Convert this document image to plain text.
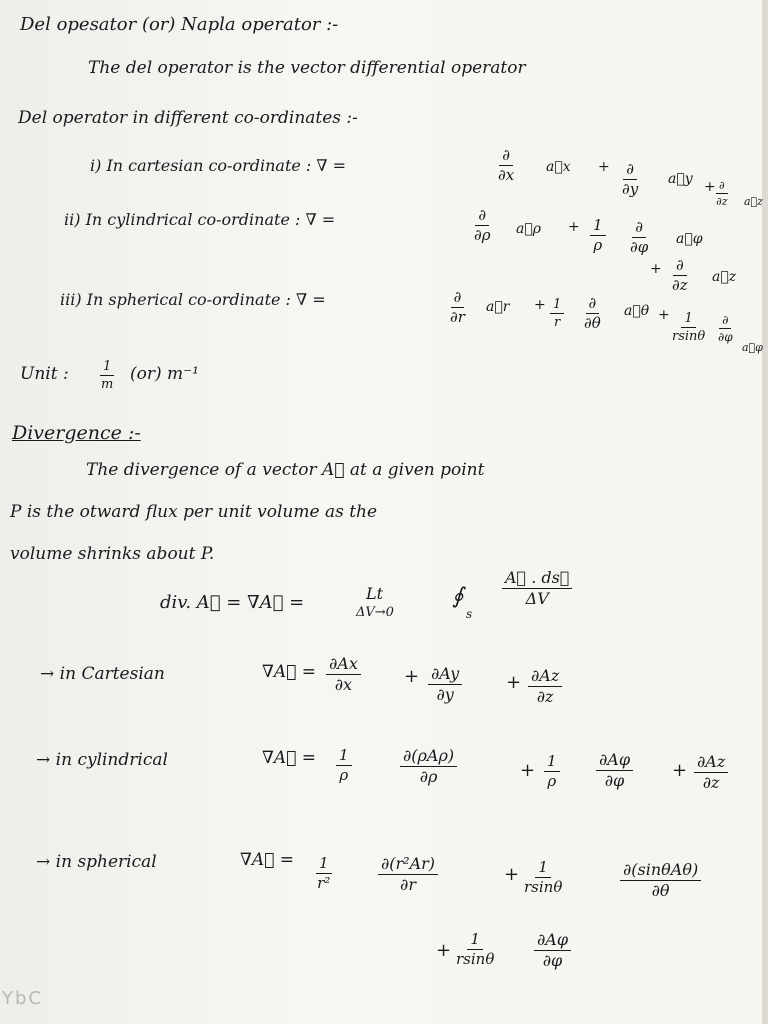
Del opesator (or) Napla operator :-
The del operator is the vector differential operator
Del operator in different co-ordinates :-
i) In cartesian co-ordinate : ∇ =
∂
∂x a⃗x + ∂
∂y
a⃗y + ∂
∂z a⃗z
ii) In cylindrical co-ordinate : ∇ =	∂
∂ρ a⃗ρ + $\frac{1}{\rho}$ ∂
∂φ a⃗φ
+ ∂
∂z a⃗z
iii) In spherical co-ordinate : ∇ =	∂
∂r
a⃗r + $\frac{1}{r}$ ∂
∂θ
a⃗θ + $\frac{1}{rsin\theta}$ ∂
∂φ
a⃗φ
Unit : $\frac{1}{m} (or)$ m⁻¹
Divergence :-
The divergence of a vector A⃗ at a given point
P is the otward flux per unit volume as the
volume shrinks about P.
div. A⃗ = ∇A⃗ =	Lt
ΔV→0
∮
s
$\frac{A⃗ . ds⃗}{\Delta V}$
→ in Cartesian	∇A⃗ = $\frac{\partial Ax}{\partial x} + \frac{\partial Ay}{\partial y} + \frac{\partial Az}{\partial z}$
→ in cylindrical	∇A⃗ = $\frac{1}{\rho}$	∂(ρAρ)
∂ρ	+ $\frac{1}{\rho} \frac{\partial A\varphi}{\partial\varphi} + \frac{\partial Az}{\partial z}$
→ in spherical	∇A⃗ = $\frac{1}{\text{r²}}$	$\frac{\text{∂(r²Ar)}}{\partial r}$	+ $\frac{1}{rsin\theta}$	∂(sinθAθ)
∂θ
+ $\frac{1}{rsin\theta} \frac{\partial A\varphi}{\partial\varphi}$
YbC
